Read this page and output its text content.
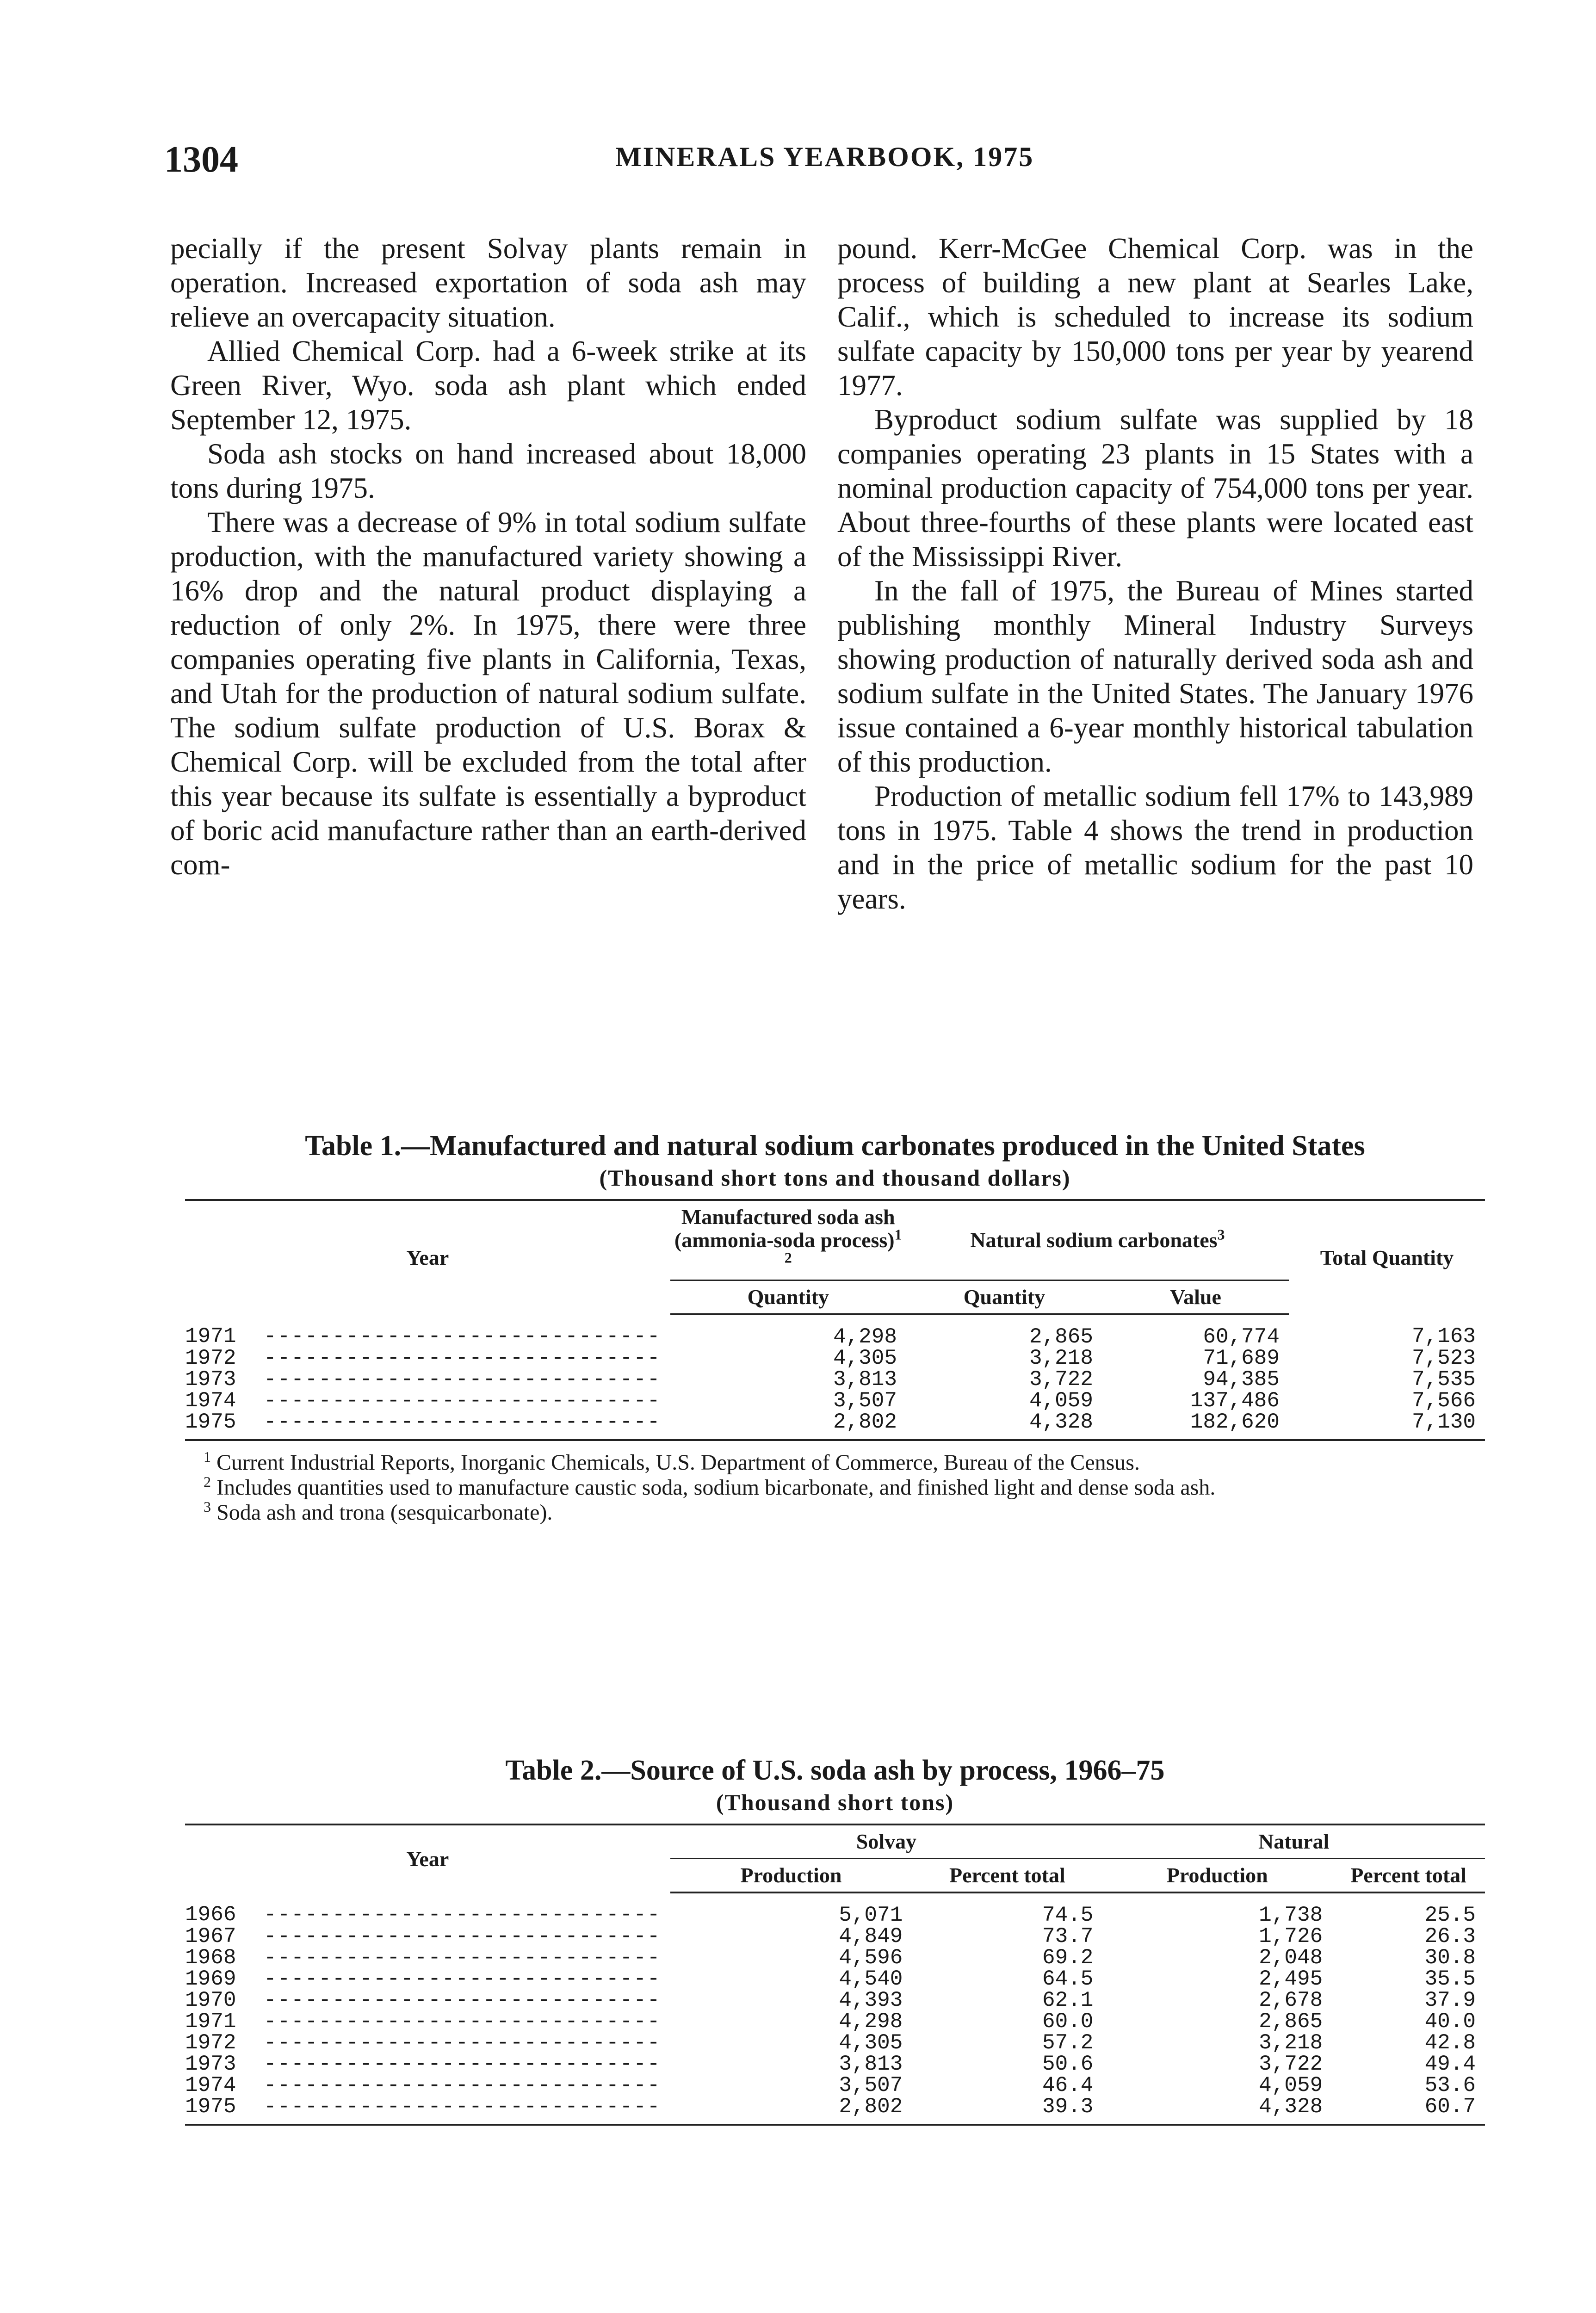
1304	MINERALS YEARBOOK, 1975

pecially if the present Solvay plants remain in operation. Increased exportation of soda ash may relieve an overcapacity situation.

Allied Chemical Corp. had a 6-week strike at its Green River, Wyo. soda ash plant which ended September 12, 1975.

Soda ash stocks on hand increased about 18,000 tons during 1975.

There was a decrease of 9% in total sodium sulfate production, with the manufactured variety showing a 16% drop and the natural product displaying a reduction of only 2%. In 1975, there were three companies operating five plants in California, Texas, and Utah for the production of natural sodium sulfate. The sodium sulfate production of U.S. Borax & Chemical Corp. will be excluded from the total after this year because its sulfate is essentially a byproduct of boric acid manufacture rather than an earth-derived com-

pound. Kerr-McGee Chemical Corp. was in the process of building a new plant at Searles Lake, Calif., which is scheduled to increase its sodium sulfate capacity by 150,000 tons per year by yearend 1977.

Byproduct sodium sulfate was supplied by 18 companies operating 23 plants in 15 States with a nominal production capacity of 754,000 tons per year. About three-fourths of these plants were located east of the Mississippi River.

In the fall of 1975, the Bureau of Mines started publishing monthly Mineral Industry Surveys showing production of naturally derived soda ash and sodium sulfate in the United States. The January 1976 issue contained a 6-year monthly historical tabulation of this production.

Production of metallic sodium fell 17% to 143,989 tons in 1975. Table 4 shows the trend in production and in the price of metallic sodium for the past 10 years.

Table 1.—Manufactured and natural sodium carbonates produced in the United States
(Thousand short tons and thousand dollars)
Year	Manufactured soda ash (ammonia-soda process)$^{1 2}$	Natural sodium carbonates$^3$		Total Quantity
	Quantity	Quantity	Value	
1971 -----------------------------	4,298	2,865	60,774	7,163
1972 -----------------------------	4,305	3,218	71,689	7,523
1973 -----------------------------	3,813	3,722	94,385	7,535
1974 -----------------------------	3,507	4,059	137,486	7,566
1975 -----------------------------	2,802	4,328	182,620	7,130

$^1$ Current Industrial Reports, Inorganic Chemicals, U.S. Department of Commerce, Bureau of the Census.

$^2$ Includes quantities used to manufacture caustic soda, sodium bicarbonate, and finished light and dense soda ash.

$^3$ Soda ash and trona (sesquicarbonate).

Table 2.—Source of U.S. soda ash by process, 1966–75
(Thousand short tons)
Year	Solvay		Natural	
	Production	Percent total	Production	Percent total
1966 -----------------------------	5,071	74.5	1,738	25.5
1967 -----------------------------	4,849	73.7	1,726	26.3
1968 -----------------------------	4,596	69.2	2,048	30.8
1969 -----------------------------	4,540	64.5	2,495	35.5
1970 -----------------------------	4,393	62.1	2,678	37.9
1971 -----------------------------	4,298	60.0	2,865	40.0
1972 -----------------------------	4,305	57.2	3,218	42.8
1973 -----------------------------	3,813	50.6	3,722	49.4
1974 -----------------------------	3,507	46.4	4,059	53.6
1975 -----------------------------	2,802	39.3	4,328	60.7
